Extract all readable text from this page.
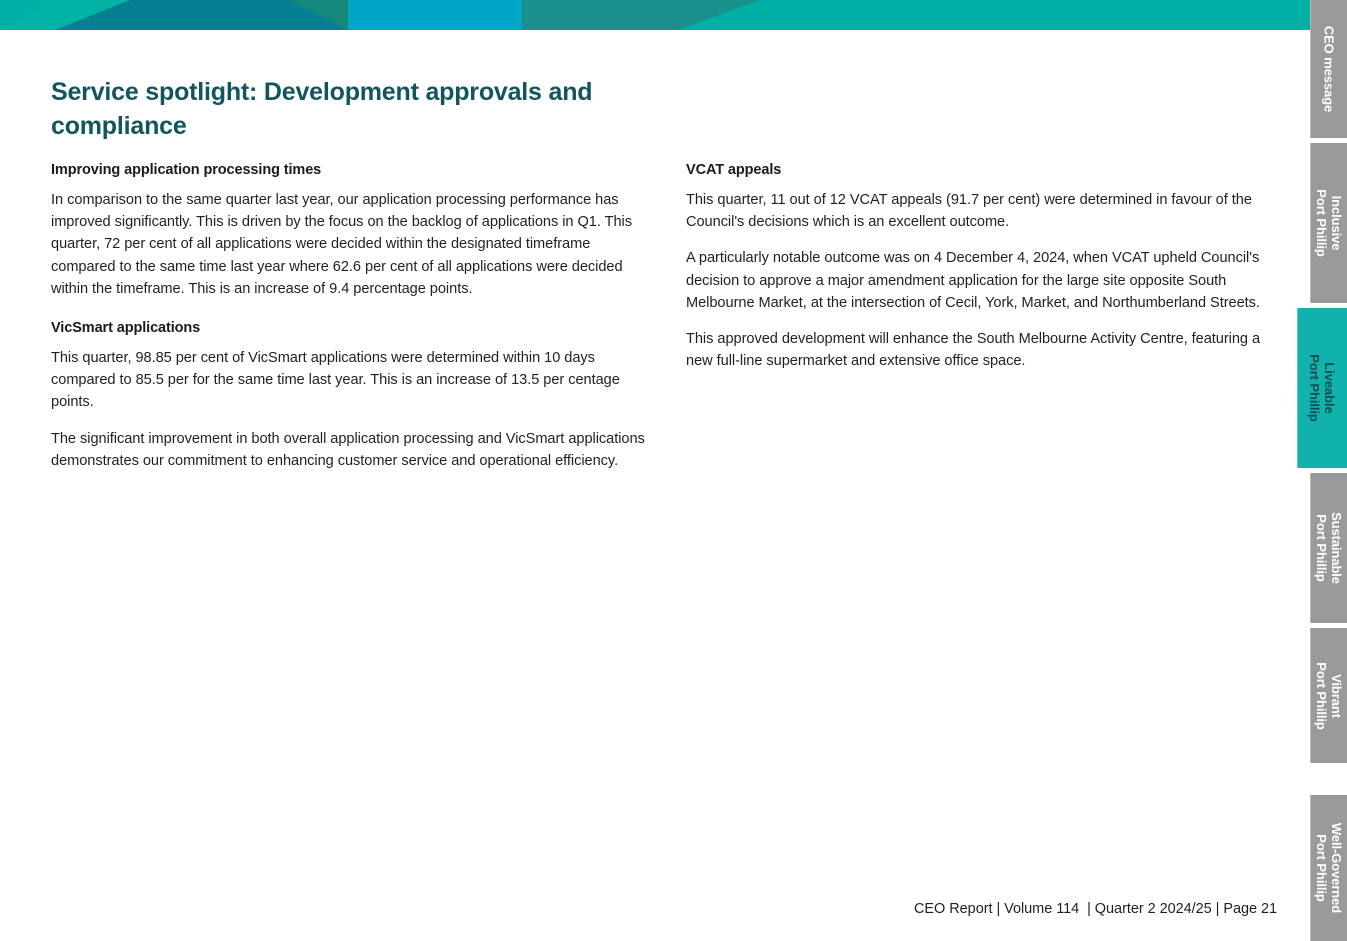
Service spotlight: Development approvals and compliance
Improving application processing times

In comparison to the same quarter last year, our application processing performance has improved significantly. This is driven by the focus on the backlog of applications in Q1. This quarter, 72 per cent of all applications were decided within the designated timeframe compared to the same time last year where 62.6 per cent of all applications were decided within the timeframe. This is an increase of 9.4 percentage points.

VicSmart applications

This quarter, 98.85 per cent of VicSmart applications were determined within 10 days compared to 85.5 per for the same time last year. This is an increase of 13.5 per centage points.

The significant improvement in both overall application processing and VicSmart applications demonstrates our commitment to enhancing customer service and operational efficiency.

VCAT appeals

This quarter, 11 out of 12 VCAT appeals (91.7 per cent) were determined in favour of the Council's decisions which is an excellent outcome.

A particularly notable outcome was on 4 December 4, 2024, when VCAT upheld Council's decision to approve a major amendment application for the large site opposite South Melbourne Market, at the intersection of Cecil, York, Market, and Northumberland Streets.

This approved development will enhance the South Melbourne Activity Centre, featuring a new full-line supermarket and extensive office space.

CEO Report | Volume 114  | Quarter 2 2024/25 | Page 21
CEO message
Inclusive
Port Phillip
Liveable
Port Phillip
Sustainable
Port Phillip
Vibrant
Port Phillip
Well-Governed
Port Phillip
